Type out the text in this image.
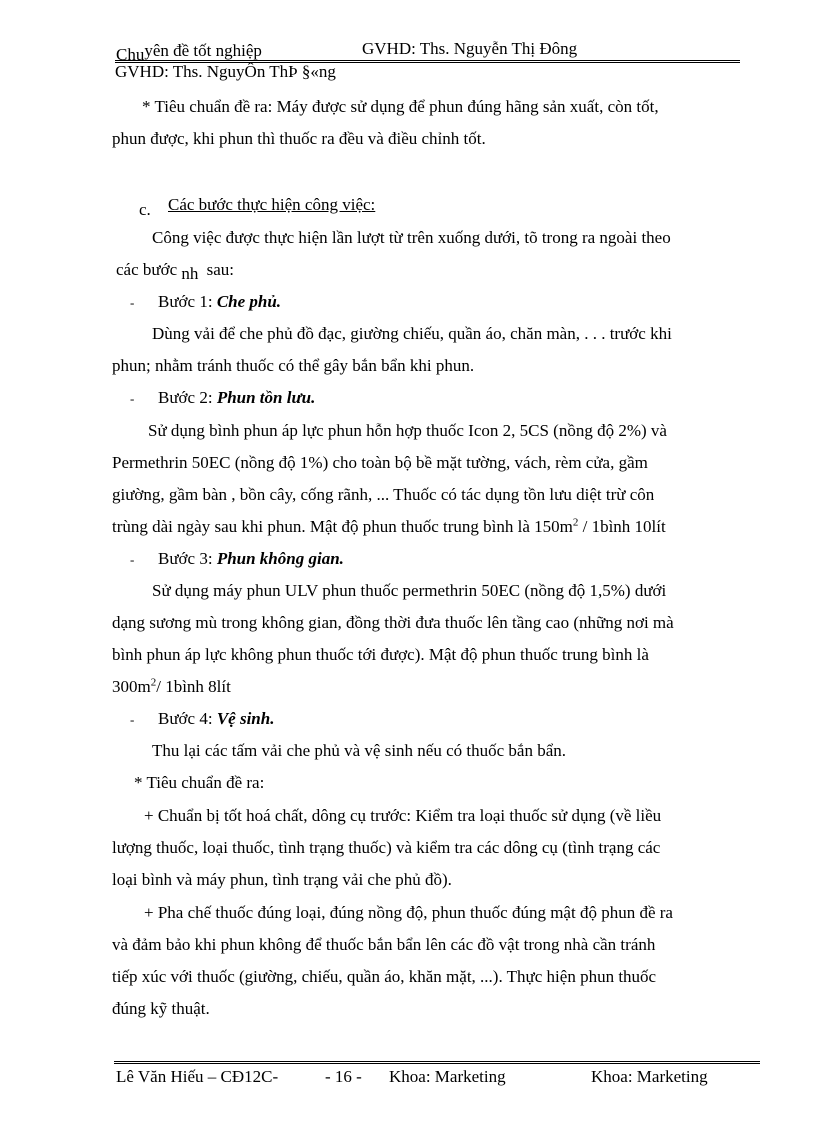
Chuyên đề tốt nghiệp	GVHD: Ths. Nguyễn Thị Đông
GVHD: Ths. NguyÔn ThÞ §«ng
* Tiêu chuẩn đề ra: Máy được sử dụng để phun đúng hãng sản xuất, còn tốt,
phun được, khi phun thì thuốc ra đều và điều chỉnh tốt.
c. Các bước thực hiện công việc:
Công việc được thực hiện lần lượt từ trên xuống dưới, tõ trong ra ngoài theo
các bước nh sau:
- Bước 1: Che phủ.
Dùng vải để che phủ đồ đạc, giường chiếu, quần áo, chăn màn, . . . trước khi
phun; nhằm tránh thuốc có thể gây bắn bẩn khi phun.
- Bước 2: Phun tồn lưu.
Sử dụng bình phun áp lực phun hỗn hợp thuốc Icon 2, 5CS (nồng độ 2%) và
Permethrin 50EC (nồng độ 1%) cho toàn bộ bề mặt tường, vách, rèm cửa, gầm
giường, gầm bàn , bồn cây, cống rãnh, ... Thuốc có tác dụng tồn lưu diệt trừ côn
trùng dài ngày sau khi phun. Mật độ phun thuốc trung bình là $150m^2$ / 1bình 10lít
- Bước 3: Phun không gian.
Sử dụng máy phun ULV phun thuốc permethrin 50EC (nồng độ 1,5%) dưới
dạng sương mù trong không gian, đồng thời đưa thuốc lên tầng cao (những nơi mà
bình phun áp lực không phun thuốc tới được). Mật độ phun thuốc trung bình là
$300m^2/$ 1bình 8lít
- Bước 4: Vệ sinh.
Thu lại các tấm vải che phủ và vệ sinh nếu có thuốc bắn bẩn.
* Tiêu chuẩn đề ra:
+ Chuẩn bị tốt hoá chất, dông cụ trước: Kiểm tra loại thuốc sử dụng (về liều
lượng thuốc, loại thuốc, tình trạng thuốc) và kiểm tra các dông cụ (tình trạng các
loại bình và máy phun, tình trạng vải che phủ đồ).
+ Pha chế thuốc đúng loại, đúng nồng độ, phun thuốc đúng mật độ phun đề ra
và đảm bảo khi phun không để thuốc bắn bẩn lên các đồ vật trong nhà cần tránh
tiếp xúc với thuốc (giường, chiếu, quần áo, khăn mặt, ...). Thực hiện phun thuốc
đúng kỹ thuật.
Lê Văn Hiếu – CĐ12C-	- 16 - Khoa: Marketing	Khoa: Marketing
